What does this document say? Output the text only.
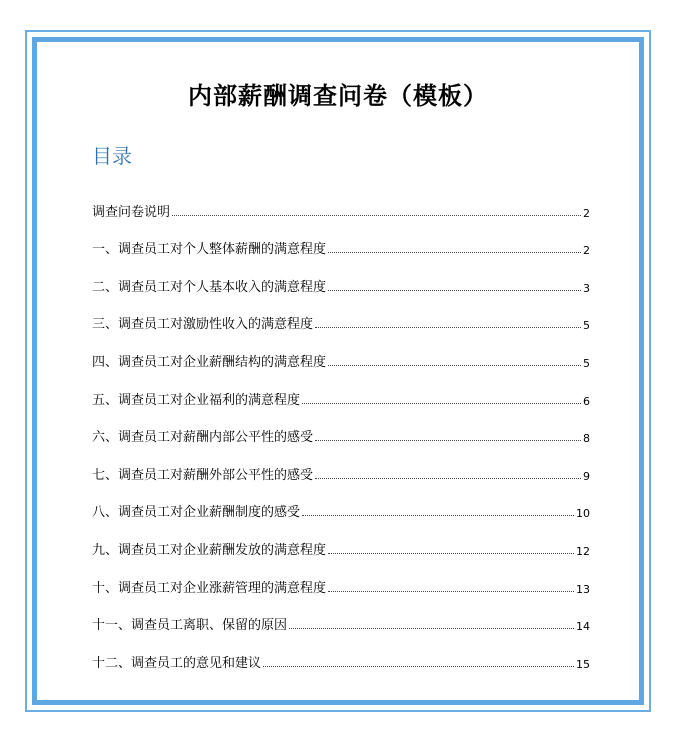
内部薪酬调查问卷（模板）
目录
调查问卷说明	2
一、调查员工对个人整体薪酬的满意程度	2
二、调查员工对个人基本收入的满意程度	3
三、调查员工对激励性收入的满意程度	5
四、调查员工对企业薪酬结构的满意程度	5
五、调查员工对企业福利的满意程度	6
六、调查员工对薪酬内部公平性的感受	8
七、调查员工对薪酬外部公平性的感受	9
八、调查员工对企业薪酬制度的感受	10
九、调查员工对企业薪酬发放的满意程度	12
十、调查员工对企业涨薪管理的满意程度	13
十一、调查员工离职、保留的原因	14
十二、调查员工的意见和建议	15
